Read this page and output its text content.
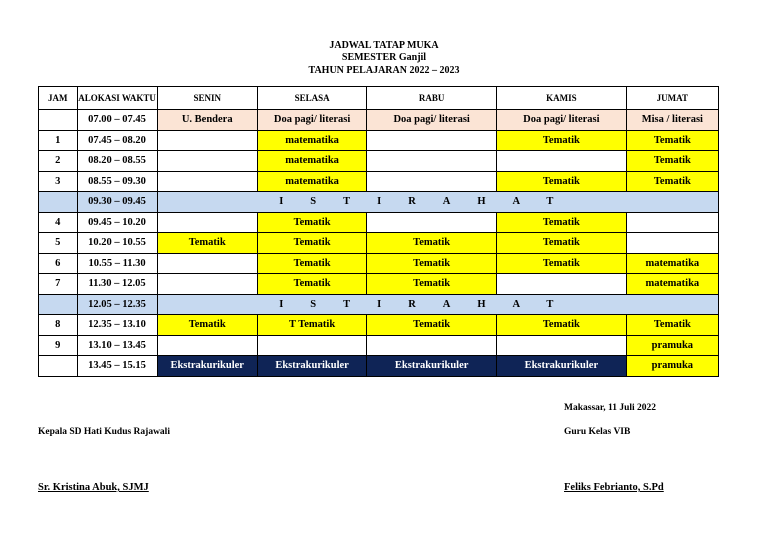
JADWAL TATAP MUKA
SEMESTER Ganjil
TAHUN PELAJARAN 2022 – 2023
JAM	ALOKASI WAKTU	SENIN	SELASA	RABU	KAMIS	JUMAT
	07.00 – 07.45	U. Bendera	Doa pagi/ literasi	Doa pagi/ literasi	Doa pagi/ literasi	Misa / literasi
1	07.45 – 08.20		matematika		Tematik	Tematik
2	08.20 – 08.55		matematika			Tematik
3	08.55 – 09.30		matematika		Tematik	Tematik
	09.30 – 09.45	ISTIRAHAT				
4	09.45 – 10.20		Tematik		Tematik	
5	10.20 – 10.55	Tematik	Tematik	Tematik	Tematik	
6	10.55 – 11.30		Tematik	Tematik	Tematik	matematika
7	11.30 – 12.05		Tematik	Tematik		matematika
	12.05 – 12.35	ISTIRAHAT				
8	12.35 – 13.10	Tematik	T Tematik	Tematik	Tematik	Tematik
9	13.10 – 13.45					pramuka
	13.45 – 15.15	Ekstrakurikuler	Ekstrakurikuler	Ekstrakurikuler	Ekstrakurikuler	pramuka
Makassar, 11 Juli 2022
Kepala SD Hati Kudus Rajawali	Guru Kelas VIB
Sr. Kristina Abuk, SJMJ	Feliks Febrianto, S.Pd
